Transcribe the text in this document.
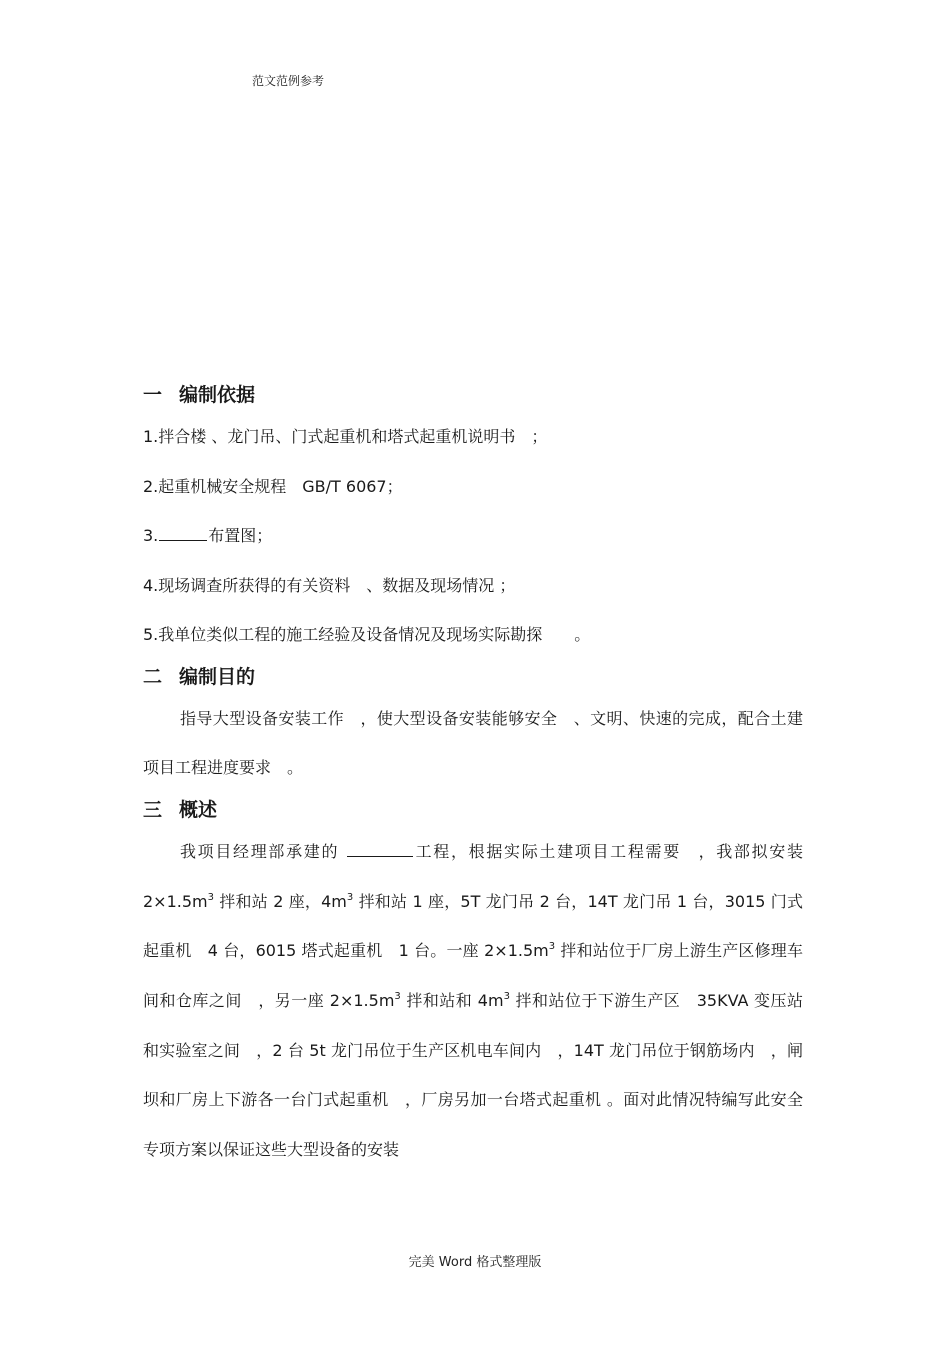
范文范例参考
一 编制依据

1.拌合楼 、龙门吊、门式起重机和塔式起重机说明书　；

2.起重机械安全规程　GB/T 6067；

3.	布置图；

4.现场调查所获得的有关资料　、数据及现场情况 ；

5.我单位类似工程的施工经验及设备情况及现场实际勘探　　。

二 编制目的

指导大型设备安装工作　，使大型设备安装能够安全　、文明、快速的完成，配合土建项目工程进度要求　。

三 概述

我项目经理部承建的	工程，根据实际土建项目工程需要　，我部拟安装 $2\times 1.5m^3$ 拌和站 2 座，$4m^3$ 拌和站 1 座，5T 龙门吊 2 台，14T 龙门吊 1 台，3015 门式起重机　4 台，6015 塔式起重机　1 台。一座 $2\times 1.5m^3$ 拌和站位于厂房上游生产区修理车间和仓库之间　，另一座 $2\times 1.5m^3$ 拌和站和 $4m^3$ 拌和站位于下游生产区　35KVA 变压站和实验室之间　，2 台 5t 龙门吊位于生产区机电车间内　，14T 龙门吊位于钢筋场内　，闸坝和厂房上下游各一台门式起重机　，厂房另加一台塔式起重机 。面对此情况特编写此安全专项方案以保证这些大型设备的安装

完美 Word 格式整理版
